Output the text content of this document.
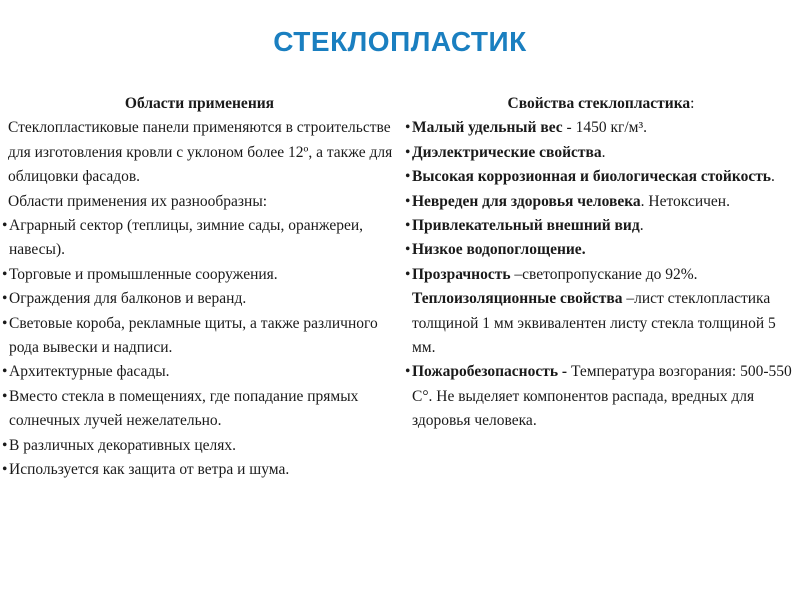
СТЕКЛОПЛАСТИК
Области применения
Стеклопластиковые панели применяются в строительстве для изготовления кровли с уклоном более 12º, а также для облицовки фасадов.
Области применения их разнообразны:
• Аграрный сектор (теплицы, зимние сады, оранжереи, навесы).
• Торговые и промышленные сооружения.
• Ограждения для балконов и веранд.
• Световые короба, рекламные щиты, а также различного рода вывески и надписи.
• Архитектурные фасады.
• Вместо стекла в помещениях, где попадание прямых солнечных лучей нежелательно.
• В различных декоративных целях.
• Используется как защита от ветра и шума.
Свойства стеклопластика:
• Малый удельный вес - 1450 кг/м³.
• Диэлектрические свойства.
• Высокая коррозионная и биологическая стойкость.
• Невреден для здоровья человека. Нетоксичен.
• Привлекательный внешний вид.
• Низкое водопоглощение.
• Прозрачность –светопропускание до 92%.
Теплоизоляционные свойства –лист стеклопластика толщиной 1 мм эквивалентен листу стекла толщиной 5 мм.
• Пожаробезопасность - Температура возгорания: 500-550 С°. Не выделяет компонентов распада, вредных для здоровья человека.
